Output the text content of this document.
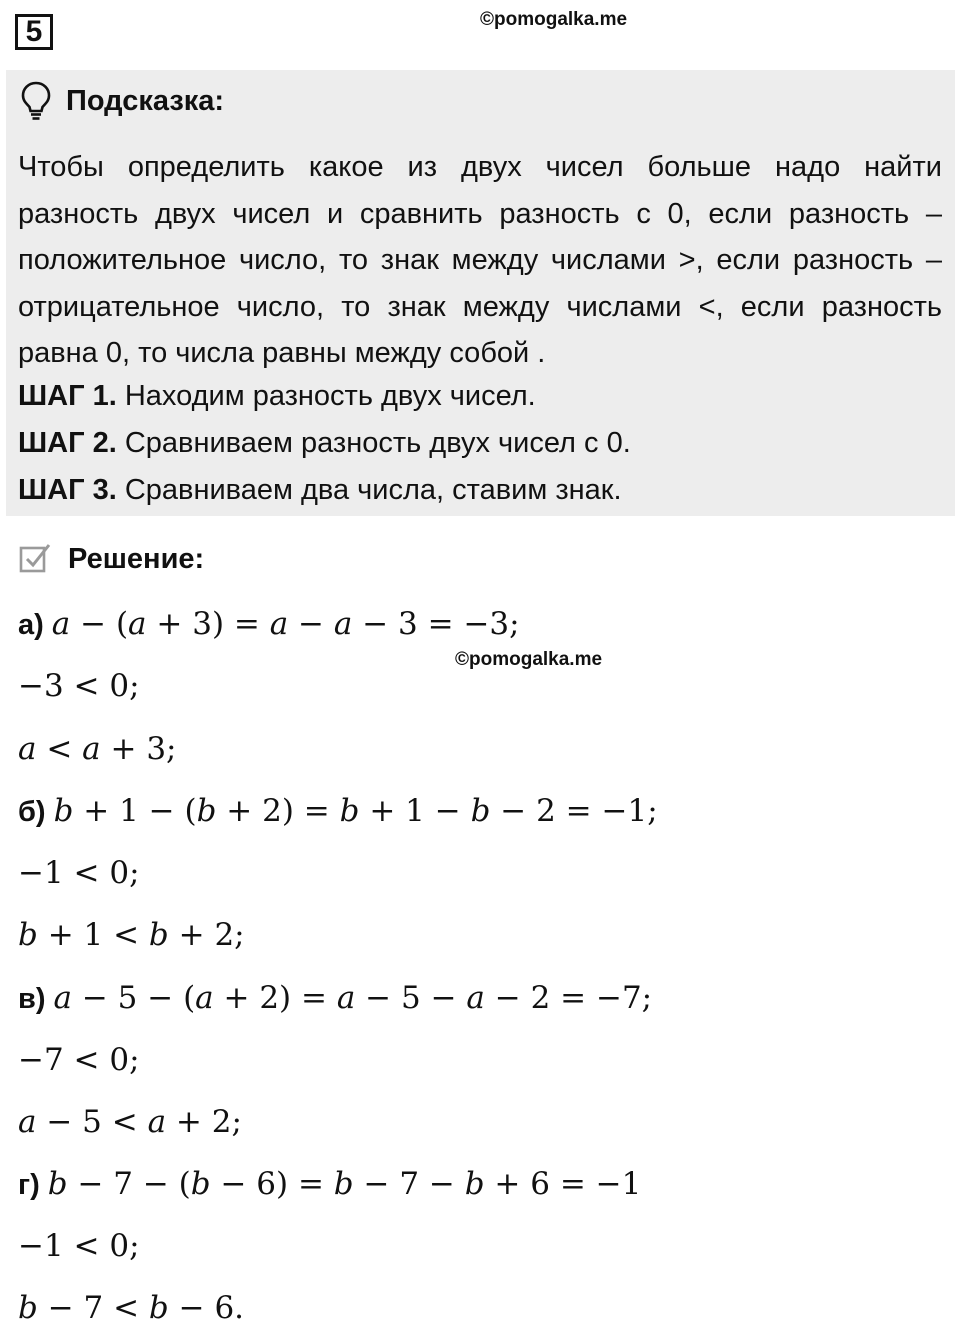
5	©pomogalka.me
Подсказка:

Чтобы определить какое из двух чисел больше надо найти разность двух чисел и сравнить разность с 0, если разность – положительное число, то знак между числами >, если разность – отрицательное число, то знак между числами <, если разность равна 0, то числа равны между собой .

ШАГ 1. Находим разность двух чисел.
ШАГ 2. Сравниваем разность двух чисел с 0.
ШАГ 3. Сравниваем два числа, ставим знак.
Решение:
©pomogalka.me
а) 𝑎 − (𝑎 + 3) = 𝑎 − 𝑎 − 3 = −3;
−3 < 0;
𝑎 < 𝑎 + 3;
б) 𝑏 + 1 − (𝑏 + 2) = 𝑏 + 1 − 𝑏 − 2 = −1;
−1 < 0;
𝑏 + 1 < 𝑏 + 2;
в) 𝑎 − 5 − (𝑎 + 2) = 𝑎 − 5 − 𝑎 − 2 = −7;
−7 < 0;
𝑎 − 5 < 𝑎 + 2;
г) 𝑏 − 7 − (𝑏 − 6) = 𝑏 − 7 − 𝑏 + 6 = −1
−1 < 0;
𝑏 − 7 < 𝑏 − 6.
